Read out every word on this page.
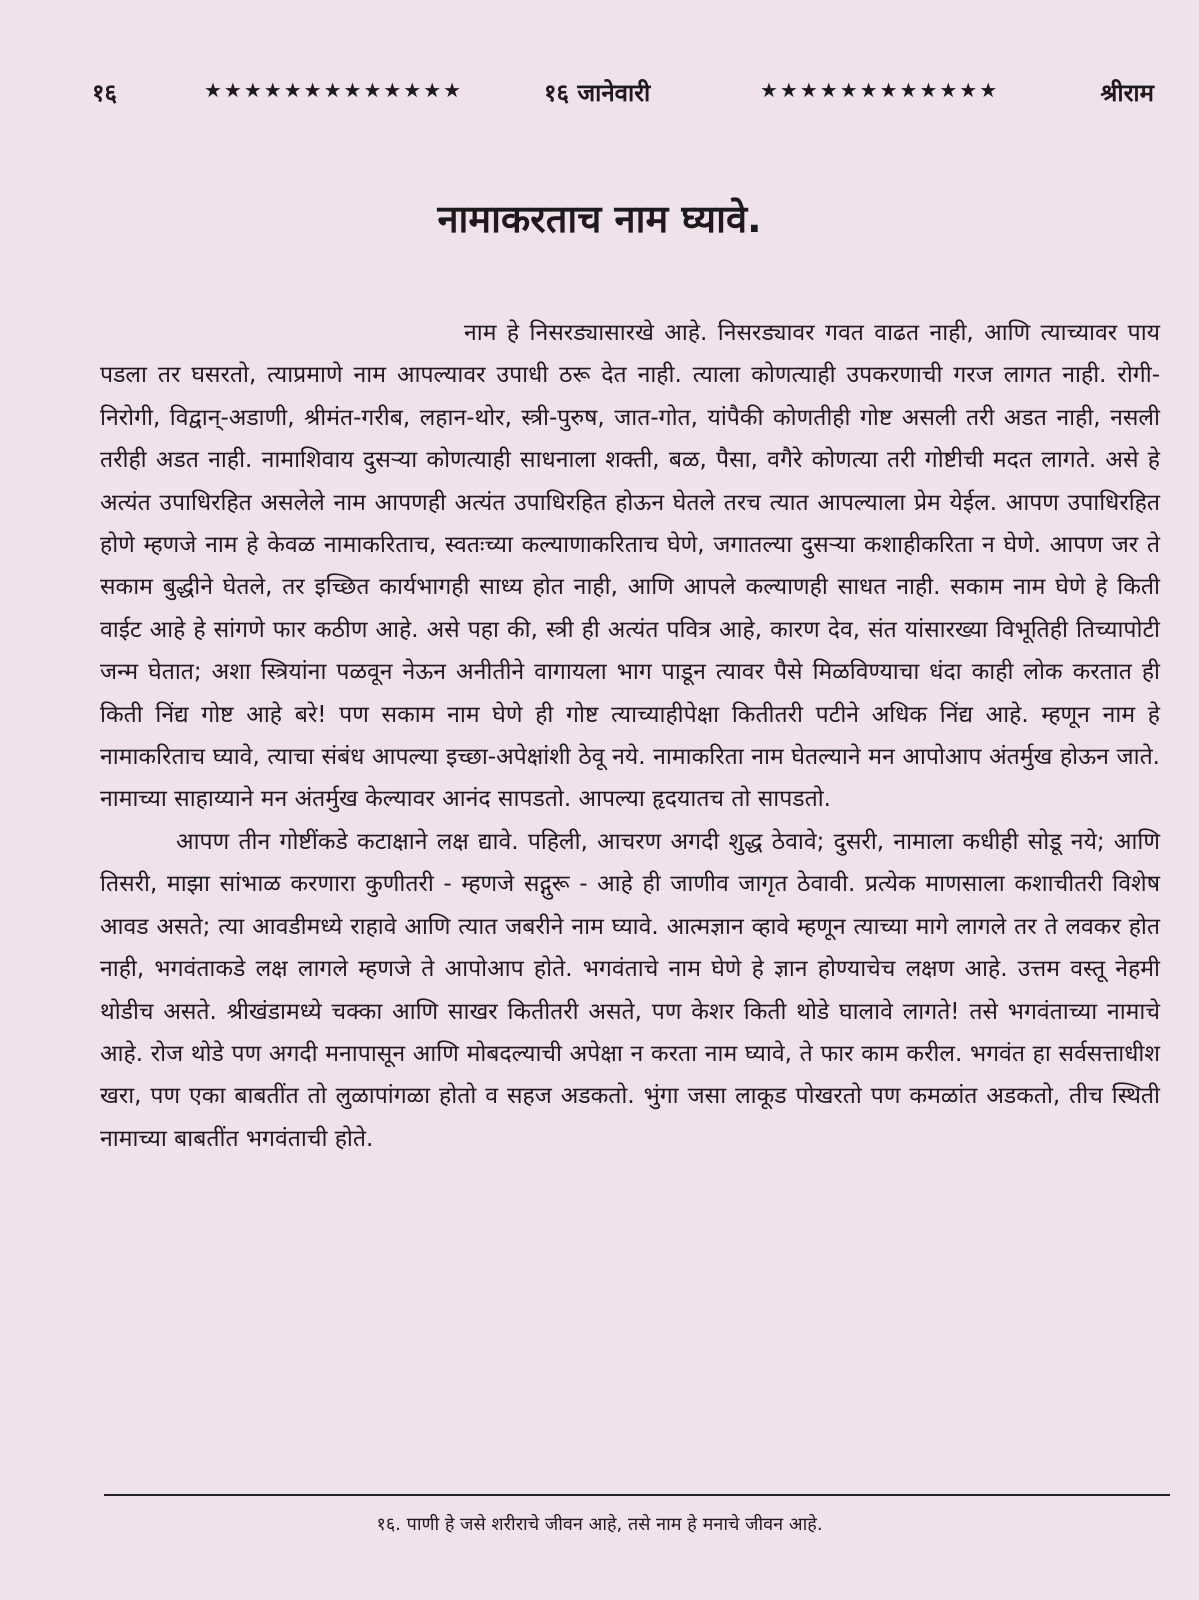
१६	★★★★★★★★★★★★★	१६ जानेवारी	★★★★★★★★★★★★	श्रीराम
नामाकरताच नाम घ्यावे.

नाम हे निसरड्यासारखे आहे. निसरड्यावर गवत वाढत नाही, आणि त्याच्यावर पाय पडला तर घसरतो, त्याप्रमाणे नाम आपल्यावर उपाधी ठरू देत नाही. त्याला कोणत्याही उपकरणाची गरज लागत नाही. रोगी-निरोगी, विद्वान्-अडाणी, श्रीमंत-गरीब, लहान-थोर, स्त्री-पुरुष, जात-गोत, यांपैकी कोणतीही गोष्ट असली तरी अडत नाही, नसली तरीही अडत नाही. नामाशिवाय दुसऱ्या कोणत्याही साधनाला शक्ती, बळ, पैसा, वगैरे कोणत्या तरी गोष्टीची मदत लागते. असे हे अत्यंत उपाधिरहित असलेले नाम आपणही अत्यंत उपाधिरहित होऊन घेतले तरच त्यात आपल्याला प्रेम येईल. आपण उपाधिरहित होणे म्हणजे नाम हे केवळ नामाकरिताच, स्वतःच्या कल्याणाकरिताच घेणे, जगातल्या दुसऱ्या कशाहीकरिता न घेणे. आपण जर ते सकाम बुद्धीने घेतले, तर इच्छित कार्यभागही साध्य होत नाही, आणि आपले कल्याणही साधत नाही. सकाम नाम घेणे हे किती वाईट आहे हे सांगणे फार कठीण आहे. असे पहा की, स्त्री ही अत्यंत पवित्र आहे, कारण देव, संत यांसारख्या विभूतिही तिच्यापोटी जन्म घेतात; अशा स्त्रियांना पळवून नेऊन अनीतीने वागायला भाग पाडून त्यावर पैसे मिळविण्याचा धंदा काही लोक करतात ही किती निंद्य गोष्ट आहे बरे! पण सकाम नाम घेणे ही गोष्ट त्याच्याहीपेक्षा कितीतरी पटीने अधिक निंद्य आहे. म्हणून नाम हे नामाकरिताच घ्यावे, त्याचा संबंध आपल्या इच्छा-अपेक्षांशी ठेवू नये. नामाकरिता नाम घेतल्याने मन आपोआप अंतर्मुख होऊन जाते. नामाच्या साहाय्याने मन अंतर्मुख केल्यावर आनंद सापडतो. आपल्या हृदयातच तो सापडतो.

आपण तीन गोष्टींकडे कटाक्षाने लक्ष द्यावे. पहिली, आचरण अगदी शुद्ध ठेवावे; दुसरी, नामाला कधीही सोडू नये; आणि तिसरी, माझा सांभाळ करणारा कुणीतरी - म्हणजे सद्गुरू - आहे ही जाणीव जागृत ठेवावी. प्रत्येक माणसाला कशाचीतरी विशेष आवड असते; त्या आवडीमध्ये राहावे आणि त्यात जबरीने नाम घ्यावे. आत्मज्ञान व्हावे म्हणून त्याच्या मागे लागले तर ते लवकर होत नाही, भगवंताकडे लक्ष लागले म्हणजे ते आपोआप होते. भगवंताचे नाम घेणे हे ज्ञान होण्याचेच लक्षण आहे. उत्तम वस्तू नेहमी थोडीच असते. श्रीखंडामध्ये चक्का आणि साखर कितीतरी असते, पण केशर किती थोडे घालावे लागते! तसे भगवंताच्या नामाचे आहे. रोज थोडे पण अगदी मनापासून आणि मोबदल्याची अपेक्षा न करता नाम घ्यावे, ते फार काम करील. भगवंत हा सर्वसत्ताधीश खरा, पण एका बाबतींत तो लुळापांगळा होतो व सहज अडकतो. भुंगा जसा लाकूड पोखरतो पण कमळांत अडकतो, तीच स्थिती नामाच्या बाबतींत भगवंताची होते.

१६. पाणी हे जसे शरीराचे जीवन आहे, तसे नाम हे मनाचे जीवन आहे.
